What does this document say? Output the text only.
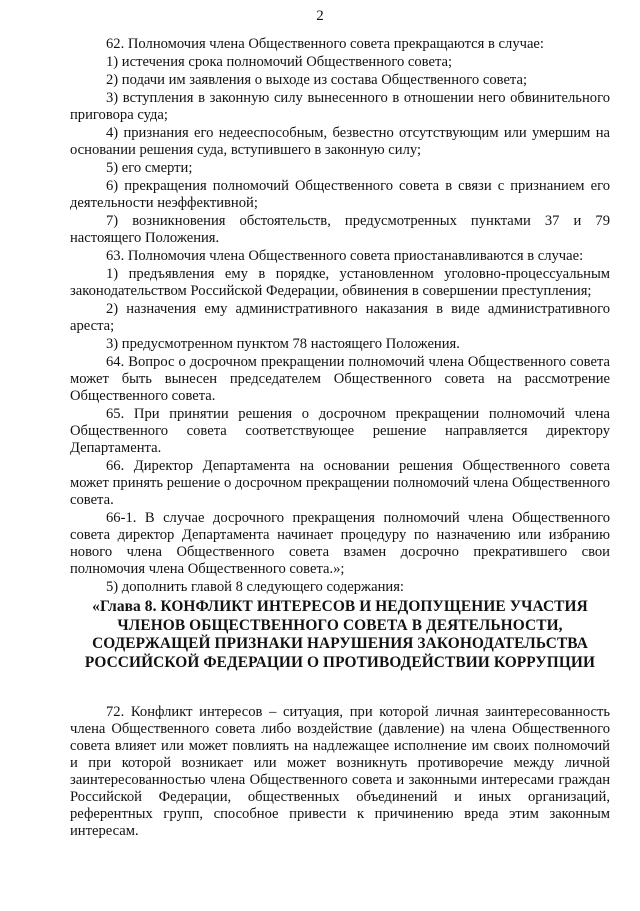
2

62. Полномочия члена Общественного совета прекращаются в случае:

1) истечения срока полномочий Общественного совета;

2) подачи им заявления о выходе из состава Общественного совета;

3) вступления в законную силу вынесенного в отношении него обвинительного приговора суда;

4) признания его недееспособным, безвестно отсутствующим или умершим на основании решения суда, вступившего в законную силу;

5) его смерти;

6) прекращения полномочий Общественного совета в связи с признанием его деятельности неэффективной;

7) возникновения обстоятельств, предусмотренных пунктами 37 и 79 настоящего Положения.

63. Полномочия члена Общественного совета приостанавливаются в случае:

1) предъявления ему в порядке, установленном уголовно-процессуальным законодательством Российской Федерации, обвинения в совершении преступления;

2) назначения ему административного наказания в виде административного ареста;

3) предусмотренном пунктом 78 настоящего Положения.

64. Вопрос о досрочном прекращении полномочий члена Общественного совета может быть вынесен председателем Общественного совета на рассмотрение Общественного совета.

65. При принятии решения о досрочном прекращении полномочий члена Общественного совета соответствующее решение направляется директору Департамента.

66. Директор Департамента на основании решения Общественного совета может принять решение о досрочном прекращении полномочий члена Общественного совета.

66-1. В случае досрочного прекращения полномочий члена Общественного совета директор Департамента начинает процедуру по назначению или избранию нового члена Общественного совета взамен досрочно прекратившего свои полномочия члена Общественного совета.»;

5) дополнить главой 8 следующего содержания:

«Глава 8. КОНФЛИКТ ИНТЕРЕСОВ И НЕДОПУЩЕНИЕ УЧАСТИЯ ЧЛЕНОВ ОБЩЕСТВЕННОГО СОВЕТА В ДЕЯТЕЛЬНОСТИ, СОДЕРЖАЩЕЙ ПРИЗНАКИ НАРУШЕНИЯ ЗАКОНОДАТЕЛЬСТВА РОССИЙСКОЙ ФЕДЕРАЦИИ О ПРОТИВОДЕЙСТВИИ КОРРУПЦИИ

72. Конфликт интересов – ситуация, при которой личная заинтересованность члена Общественного совета либо воздействие (давление) на члена Общественного совета влияет или может повлиять на надлежащее исполнение им своих полномочий и при которой возникает или может возникнуть противоречие между личной заинтересованностью члена Общественного совета и законными интересами граждан Российской Федерации, общественных объединений и иных организаций, референтных групп, способное привести к причинению вреда этим законным интересам.
